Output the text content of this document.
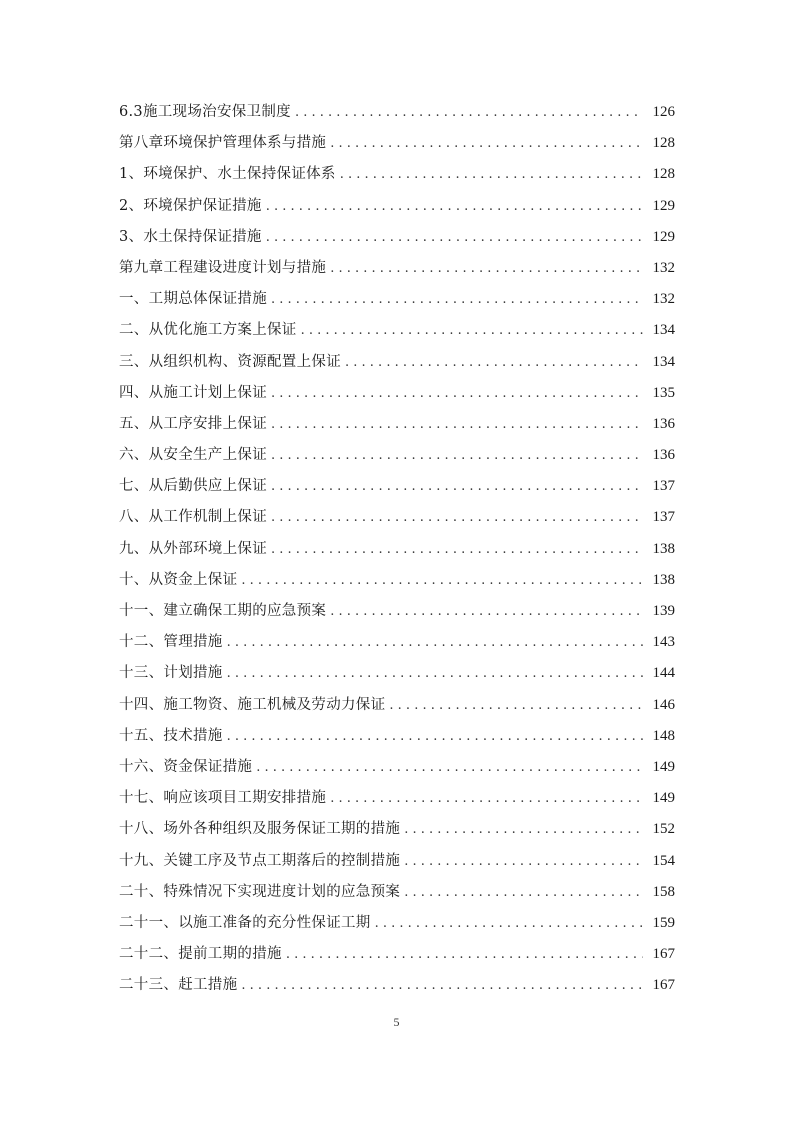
6.3施工现场治安保卫制度 . . .	126
第八章环境保护管理体系与措施 . . .	128
1、环境保护、水土保持保证体系 . . .	128
2、环境保护保证措施 . . .	129
3、水土保持保证措施 . . .	129
第九章工程建设进度计划与措施 . . .	132
一、工期总体保证措施 . . .	132
二、从优化施工方案上保证 . . .	134
三、从组织机构、资源配置上保证 . . .	134
四、从施工计划上保证 . . .	135
五、从工序安排上保证 . . .	136
六、从安全生产上保证 . . .	136
七、从后勤供应上保证 . . .	137
八、从工作机制上保证 . . .	137
九、从外部环境上保证 . . .	138
十、从资金上保证 . . .	138
十一、建立确保工期的应急预案 . . .	139
十二、管理措施 . . .	143
十三、计划措施 . . .	144
十四、施工物资、施工机械及劳动力保证 . . .	146
十五、技术措施 . . .	148
十六、资金保证措施 . . .	149
十七、响应该项目工期安排措施 . . .	149
十八、场外各种组织及服务保证工期的措施 . . .	152
十九、关键工序及节点工期落后的控制措施 . . .	154
二十、特殊情况下实现进度计划的应急预案 . . .	158
二十一、以施工准备的充分性保证工期 . . .	159
二十二、提前工期的措施 . . .	167
二十三、赶工措施 . . .	167
5
